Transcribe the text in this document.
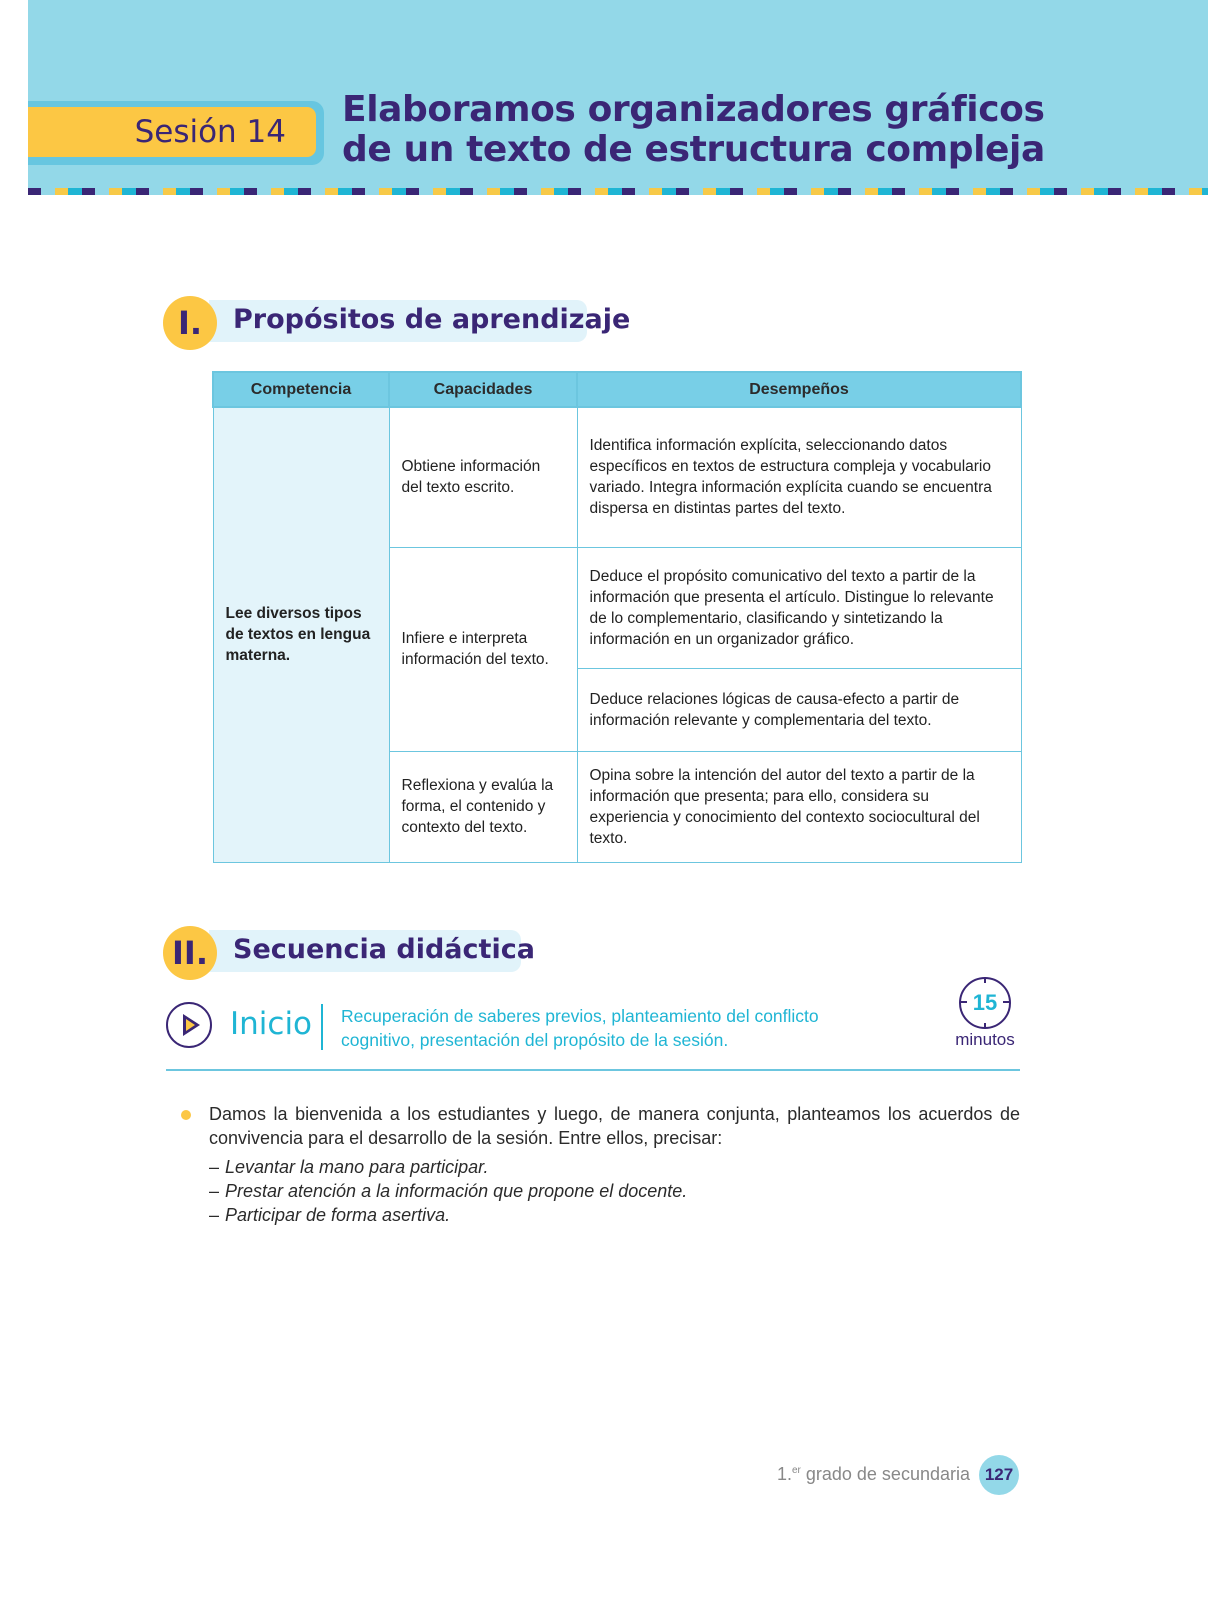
Sesión 14
Elaboramos organizadores gráficos
de un texto de estructura compleja
I.	Propósitos de aprendizaje
Competencia	Capacidades	Desempeños
Lee diversos tipos de textos en lengua materna.	Obtiene información del texto escrito.	Identifica información explícita, seleccionando datos específicos en textos de estructura compleja y vocabulario variado. Integra información explícita cuando se encuentra dispersa en distintas partes del texto.
	Infiere e interpreta información del texto.	Deduce el propósito comunicativo del texto a partir de la información que presenta el artículo. Distingue lo relevante de lo complementario, clasificando y sintetizando la información en un organizador gráfico.
		Deduce relaciones lógicas de causa-efecto a partir de información relevante y complementaria del texto.
	Reflexiona y evalúa la forma, el contenido y contexto del texto.	Opina sobre la intención del autor del texto a partir de la información que presenta; para ello, considera su experiencia y conocimiento del contexto sociocultural del texto.
II. Secuencia didáctica
Inicio Recuperación de saberes previos, planteamiento del conflicto cognitivo, presentación del propósito de la sesión.
15
minutos
Damos la bienvenida a los estudiantes y luego, de manera conjunta, planteamos los acuerdos de convivencia para el desarrollo de la sesión. Entre ellos, precisar:
– Levantar la mano para participar.
– Prestar atención a la información que propone el docente.
– Participar de forma asertiva.
1.$^{er}$ grado de secundaria 127
